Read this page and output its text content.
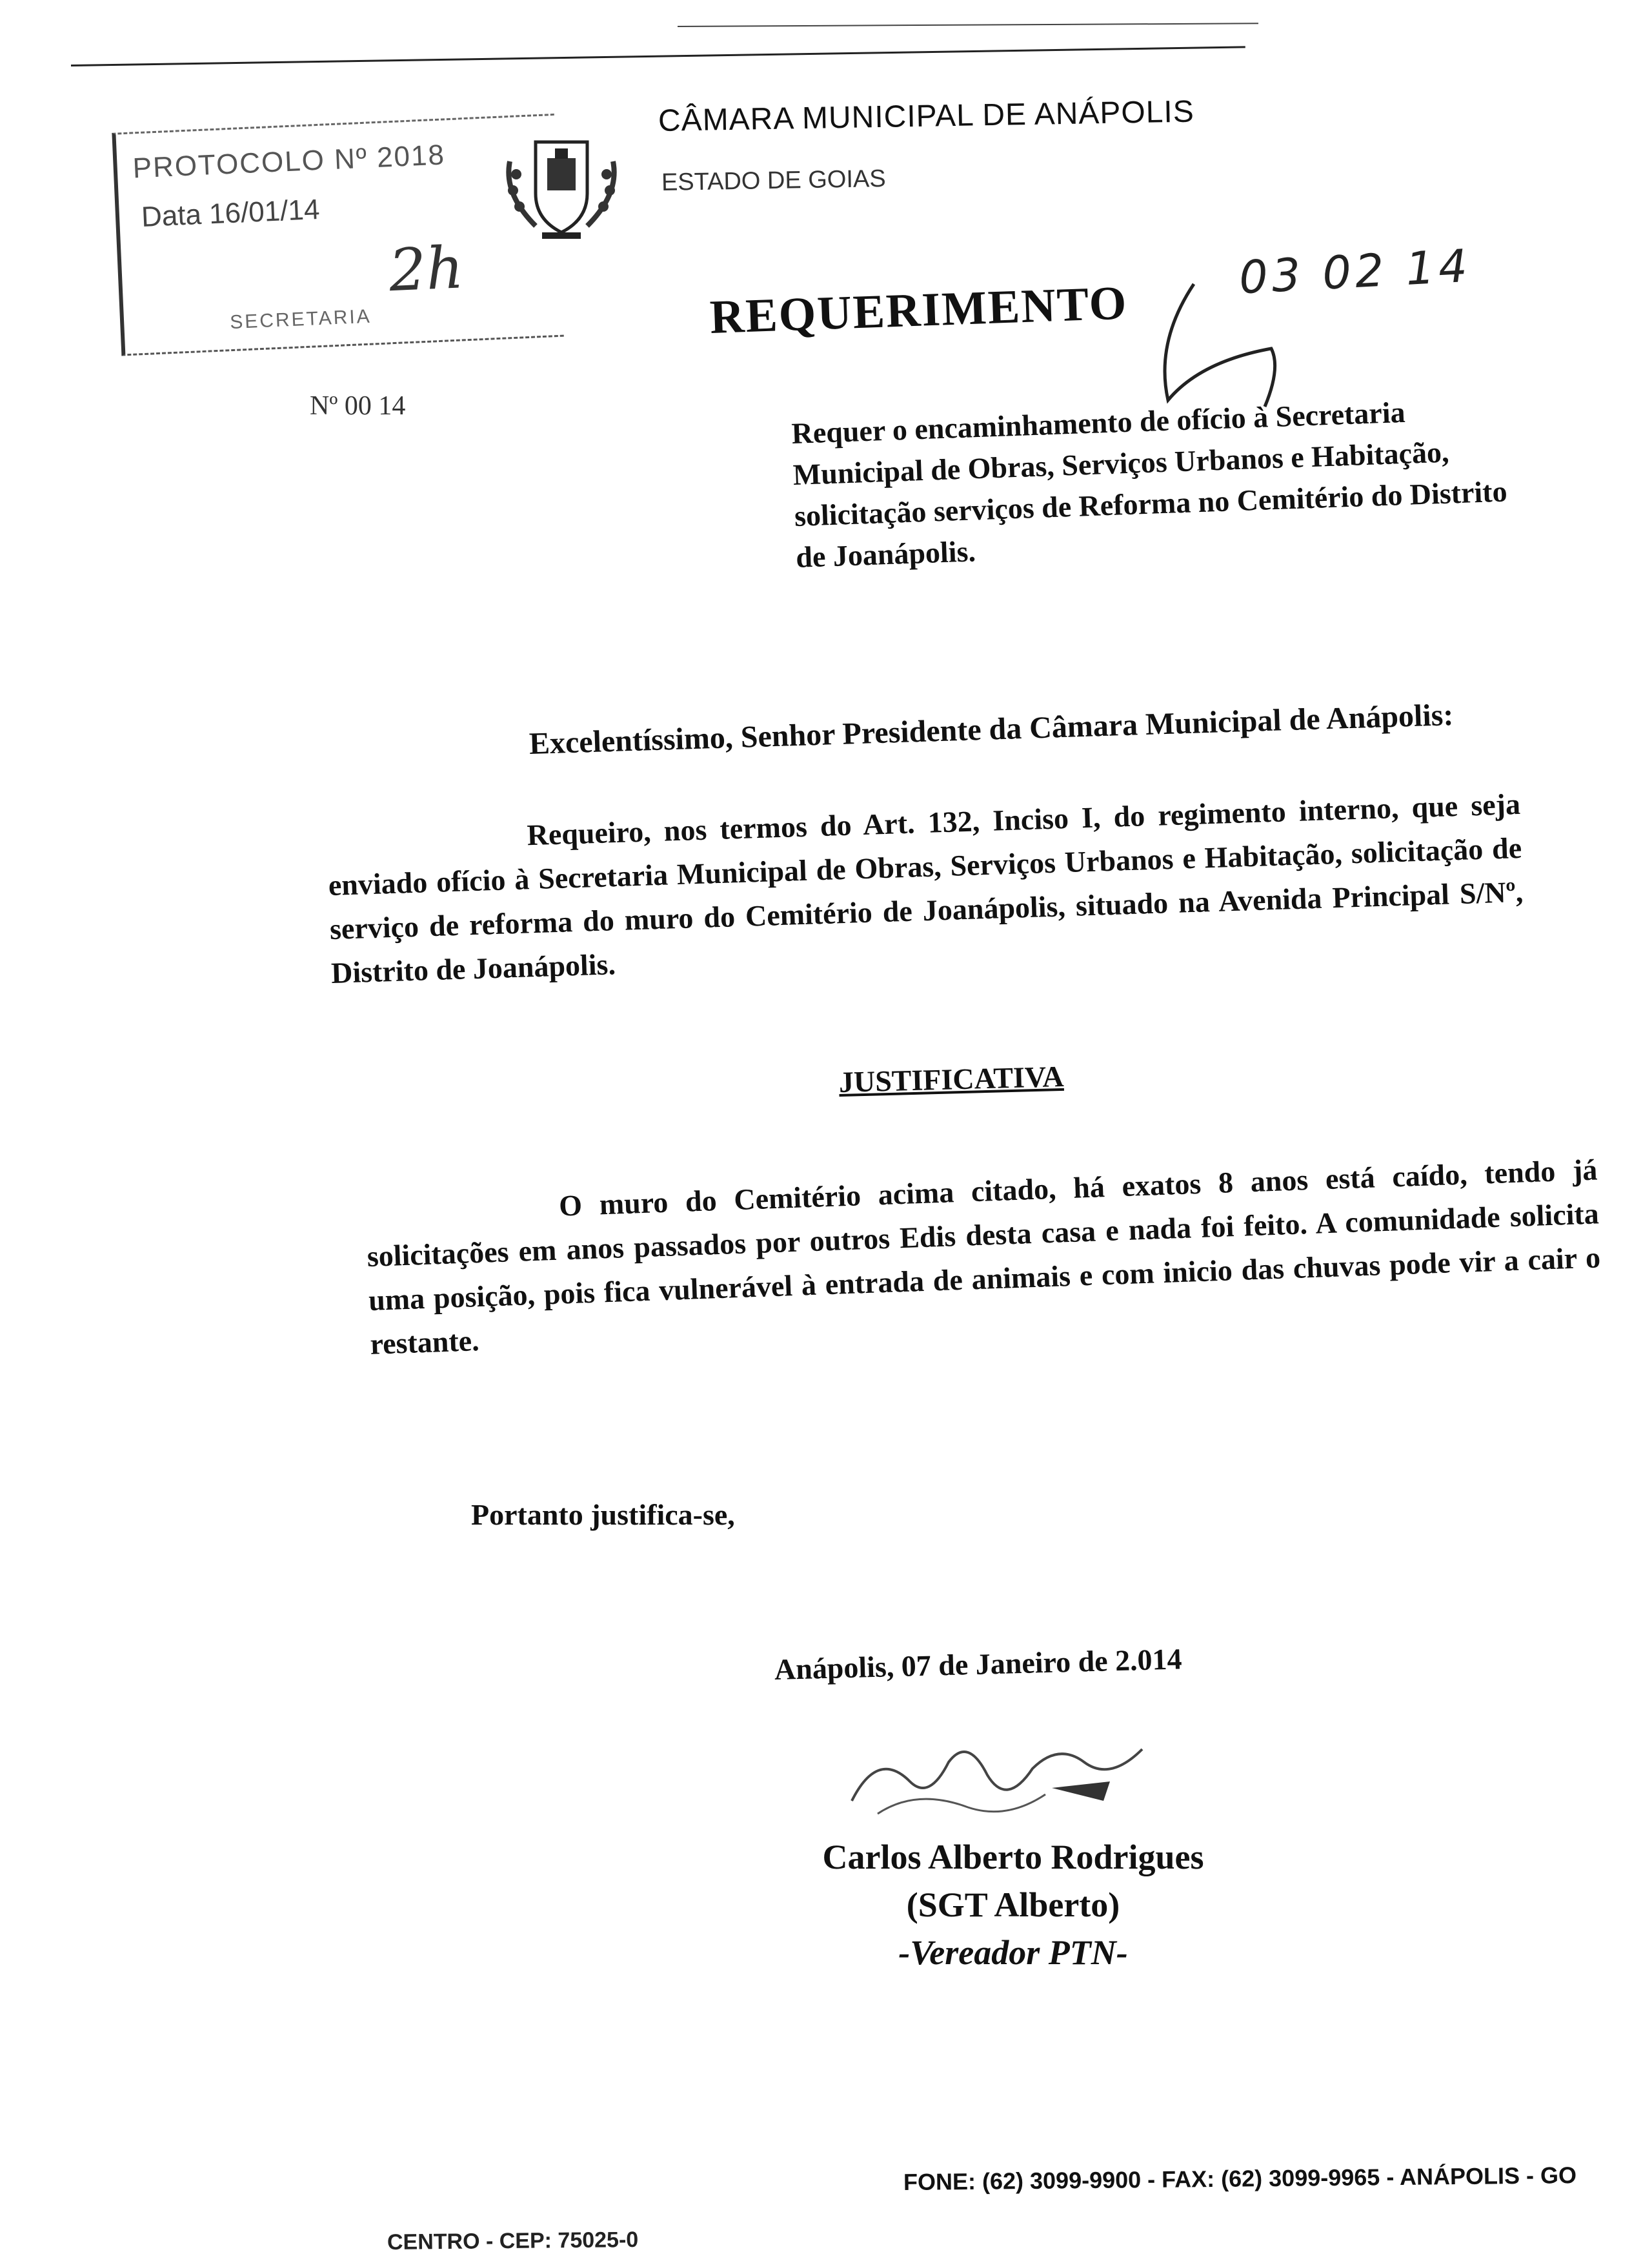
PROTOCOLO Nº 2018
Data 16/01/14
2h
SECRETARIA
CÂMARA MUNICIPAL DE ANÁPOLIS
ESTADO DE GOIAS
03 02 14
REQUERIMENTO
Nº 00 14	Requer o encaminhamento de ofício à Secretaria Municipal de Obras, Serviços Urbanos e Habitação, solicitação serviços de Reforma no Cemitério do Distrito de Joanápolis.
Excelentíssimo, Senhor Presidente da Câmara Municipal de Anápolis:
Requeiro, nos termos do Art. 132, Inciso I, do regimento interno, que seja enviado ofício à Secretaria Municipal de Obras, Serviços Urbanos e Habitação, solicitação de serviço de reforma do muro do Cemitério de Joanápolis, situado na Avenida Principal S/Nº, Distrito de Joanápolis.
JUSTIFICATIVA
O muro do Cemitério acima citado, há exatos 8 anos está caído, tendo já solicitações em anos passados por outros Edis desta casa e nada foi feito. A comunidade solicita uma posição, pois fica vulnerável à entrada de animais e com inicio das chuvas pode vir a cair o restante.
Portanto justifica-se,
Anápolis, 07 de Janeiro de 2.014
Carlos Alberto Rodrigues
(SGT Alberto)
-Vereador PTN-
FONE: (62) 3099-9900 - FAX: (62) 3099-9965 - ANÁPOLIS - GO
CENTRO - CEP: 75025-0
